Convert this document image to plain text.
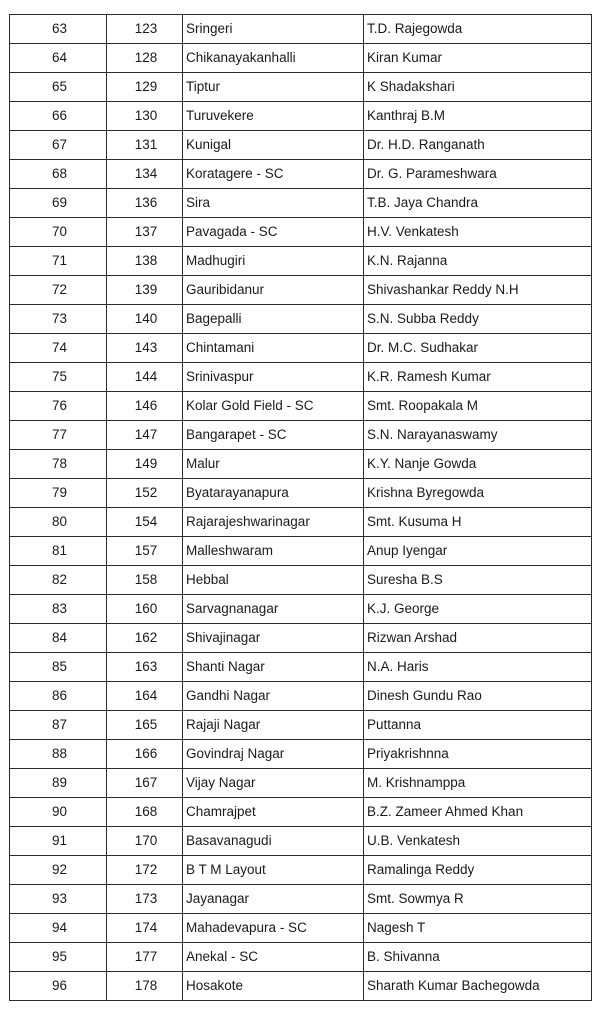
63	123	Sringeri	T.D. Rajegowda
64	128	Chikanayakanhalli	Kiran Kumar
65	129	Tiptur	K Shadakshari
66	130	Turuvekere	Kanthraj B.M
67	131	Kunigal	Dr. H.D. Ranganath
68	134	Koratagere - SC	Dr. G. Parameshwara
69	136	Sira	T.B. Jaya Chandra
70	137	Pavagada - SC	H.V. Venkatesh
71	138	Madhugiri	K.N. Rajanna
72	139	Gauribidanur	Shivashankar Reddy N.H
73	140	Bagepalli	S.N. Subba Reddy
74	143	Chintamani	Dr. M.C. Sudhakar
75	144	Srinivaspur	K.R. Ramesh Kumar
76	146	Kolar Gold Field - SC	Smt. Roopakala M
77	147	Bangarapet - SC	S.N. Narayanaswamy
78	149	Malur	K.Y. Nanje Gowda
79	152	Byatarayanapura	Krishna Byregowda
80	154	Rajarajeshwarinagar	Smt. Kusuma H
81	157	Malleshwaram	Anup Iyengar
82	158	Hebbal	Suresha B.S
83	160	Sarvagnanagar	K.J. George
84	162	Shivajinagar	Rizwan Arshad
85	163	Shanti Nagar	N.A. Haris
86	164	Gandhi Nagar	Dinesh Gundu Rao
87	165	Rajaji Nagar	Puttanna
88	166	Govindraj Nagar	Priyakrishnna
89	167	Vijay Nagar	M. Krishnamppa
90	168	Chamrajpet	B.Z. Zameer Ahmed Khan
91	170	Basavanagudi	U.B. Venkatesh
92	172	B T M Layout	Ramalinga Reddy
93	173	Jayanagar	Smt. Sowmya R
94	174	Mahadevapura - SC	Nagesh T
95	177	Anekal - SC	B. Shivanna
96	178	Hosakote	Sharath Kumar Bachegowda
